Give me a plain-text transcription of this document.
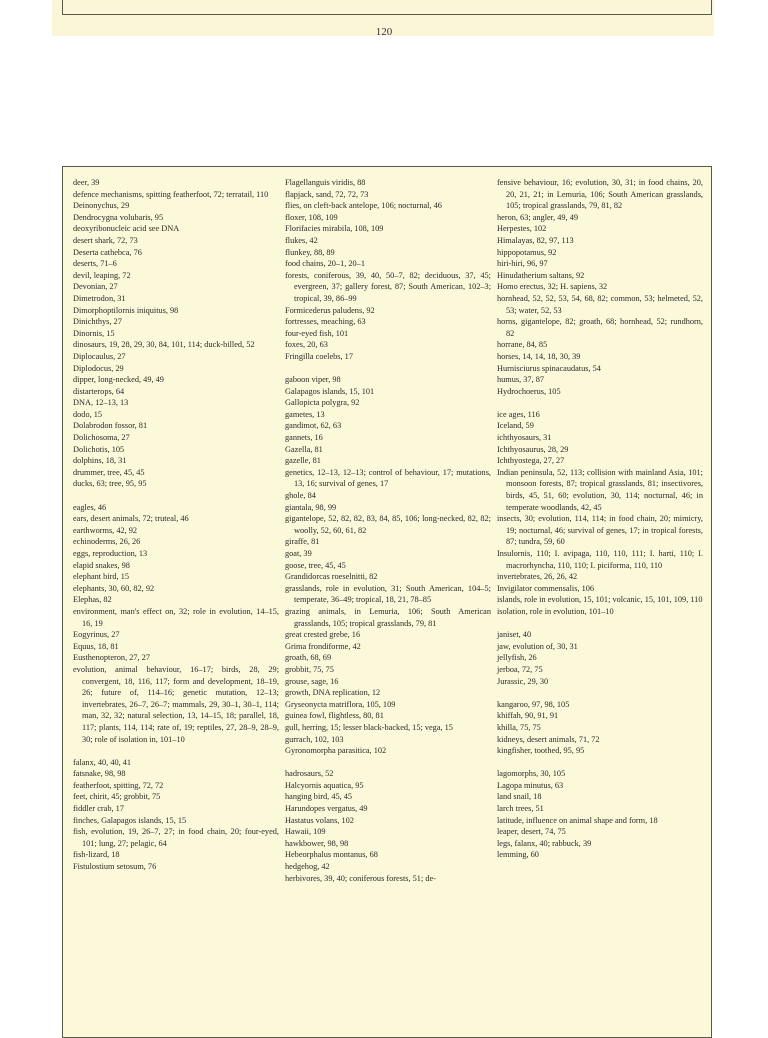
120

deer, 39

defence mechanisms, spitting featherfoot, 72; terratail, 110

Deinonychus, 29

Dendrocygna volubaris, 95

deoxyribonucleic acid see DNA

desert shark, 72, 73

Deserta cathebca, 76

deserts, 71–6

devil, leaping, 72

Devonian, 27

Dimetrodon, 31

Dimorphoptilornis iniquitus, 98

Dinichthys, 27

Dinornis, 15

dinosaurs, 19, 28, 29, 30, 84, 101, 114; duck-billed, 52

Diplocaulus, 27

Diplodocus, 29

dipper, long-necked, 49, 49

distarterops, 64

DNA, 12–13, 13

dodo, 15

Dolabrodon fossor, 81

Dolichosoma, 27

Dolichotis, 105

dolphins, 18, 31

drummer, tree, 45, 45

ducks, 63; tree, 95, 95

eagles, 46

ears, desert animals, 72; truteal, 46

earthworms, 42, 92

echinoderms, 26, 26

eggs, reproduction, 13

elapid snakes, 98

elephant bird, 15

elephants, 30, 60, 82, 92

Elephas, 82

environment, man's effect on, 32; role in evolution, 14–15, 16, 19

Eogyrinus, 27

Equus, 18, 81

Eusthenopteron, 27, 27

evolution, animal behaviour, 16–17; birds, 28, 29; convergent, 18, 116, 117; form and development, 18–19, 26; future of, 114–16; genetic mutation, 12–13; invertebrates, 26–7, 26–7; mammals, 29, 30–1, 30–1, 114; man, 32, 32; natural selection, 13, 14–15, 18; parallel, 18, 117; plants, 114, 114; rate of, 19; reptiles, 27, 28–9, 28–9, 30; role of isolation in, 101–10

falanx, 40, 40, 41

fatsnake, 98, 98

featherfoot, spitting, 72, 72

feet, chirit, 45; grobbit, 75

fiddler crab, 17

finches, Galapagos islands, 15, 15

fish, evolution, 19, 26–7, 27; in food chain, 20; four-eyed, 101; lung, 27; pelagic, 64

fish-lizard, 18

Fistulostium setosum, 76

Flagellanguis viridis, 88

flapjack, sand, 72, 72, 73

flies, on cleft-back antelope, 106; nocturnal, 46

floxer, 108, 109

Florifacies mirabila, 108, 109

flukes, 42

flunkey, 88, 89

food chains, 20–1, 20–1

forests, coniferous, 39, 40, 50–7, 82; deciduous, 37, 45; evergreen, 37; gallery forest, 87; South American, 102–3; tropical, 39, 86–99

Formicederus paludens, 92

fortresses, meaching, 63

four-eyed fish, 101

foxes, 20, 63

Fringilla coelebs, 17

gaboon viper, 98

Galapagos islands, 15, 101

Gallopicta polygra, 92

gametes, 13

gandimot, 62, 63

gannets, 16

Gazella, 81

gazelle, 81

genetics, 12–13, 12–13; control of behaviour, 17; mutations, 13, 16; survival of genes, 17

ghole, 84

giantala, 98, 99

gigantelope, 52, 82, 82, 83, 84, 85, 106; long-necked, 82, 82; woolly, 52, 60, 61, 82

giraffe, 81

goat, 39

goose, tree, 45, 45

Grandidorcas roeselnitti, 82

grasslands, role in evolution, 31; South American, 104–5; temperate, 36–49; tropical, 18, 21, 78–85

grazing animals, in Lemuria, 106; South American grasslands, 105; tropical grasslands, 79, 81

great crested grebe, 16

Grima frondiforme, 42

groath, 68, 69

grobbit, 75, 75

grouse, sage, 16

growth, DNA replication, 12

Gryseonycta matriflora, 105, 109

guinea fowl, flightless, 80, 81

gull, herring, 15; lesser black-backed, 15; vega, 15

gurrach, 102, 103

Gyronomorpha parasitica, 102

hadrosaurs, 52

Halcyornis aquatica, 95

hanging bird, 45, 45

Harundopes vergatus, 49

Hastatus volans, 102

Hawaii, 109

hawkbower, 98, 98

Hebeorphalus montanus, 68

hedgehog, 42

herbivores, 39, 40; coniferous forests, 51; de-

fensive behaviour, 16; evolution, 30, 31; in food chains, 20, 20, 21, 21; in Lemuria, 106; South American grasslands, 105; tropical grasslands, 79, 81, 82

heron, 63; angler, 49, 49

Herpestes, 102

Himalayas, 82, 97, 113

hippopotamus, 92

hiri-hiri, 96, 97

Hinudatherium saltans, 92

Homo erectus, 32; H. sapiens, 32

hornhead, 52, 52, 53, 54, 68, 82; common, 53; helmeted, 52, 53; water, 52, 53

horns, gigantelope, 82; groath, 68; hornhead, 52; rundhorn, 82

horrane, 84, 85

horses, 14, 14, 18, 30, 39

Hurnisciurus spinacaudatus, 54

humus, 37, 87

Hydrochoerus, 105

ice ages, 116

Iceland, 59

ichthyosaurs, 31

Ichthyosaurus, 28, 29

Ichthyostega, 27, 27

Indian peninsula, 52, 113; collision with mainland Asia, 101; monsoon forests, 87; tropical grasslands, 81; insectivores, birds, 45, 51, 60; evolution, 30, 114; nocturnal, 46; in temperate woodlands, 42, 45

insects, 30; evolution, 114, 114; in food chain, 20; mimicry, 19; nocturnal, 46; survival of genes, 17; in tropical forests, 87; tundra, 59, 60

Insulornis, 110; I. avipaga, 110, 110, 111; I. harti, 110; I. macrorhyncha, 110, 110; I. piciforma, 110, 110

invertebrates, 26, 26, 42

Invigilator commensalis, 106

islands, role in evolution, 15, 101; volcanic, 15, 101, 109, 110

isolation, role in evolution, 101–10

janiset, 40

jaw, evolution of, 30, 31

jellyfish, 26

jerboa, 72, 75

Jurassic, 29, 30

kangaroo, 97, 98, 105

khiffah, 90, 91, 91

khilla, 75, 75

kidneys, desert animals, 71, 72

kingfisher, toothed, 95, 95

lagomorphs, 30, 105

Lagopa minutus, 63

land snail, 18

larch trees, 51

latitude, influence on animal shape and form, 18

leaper, desert, 74, 75

legs, falanx, 40; rabbuck, 39

lemming, 60
